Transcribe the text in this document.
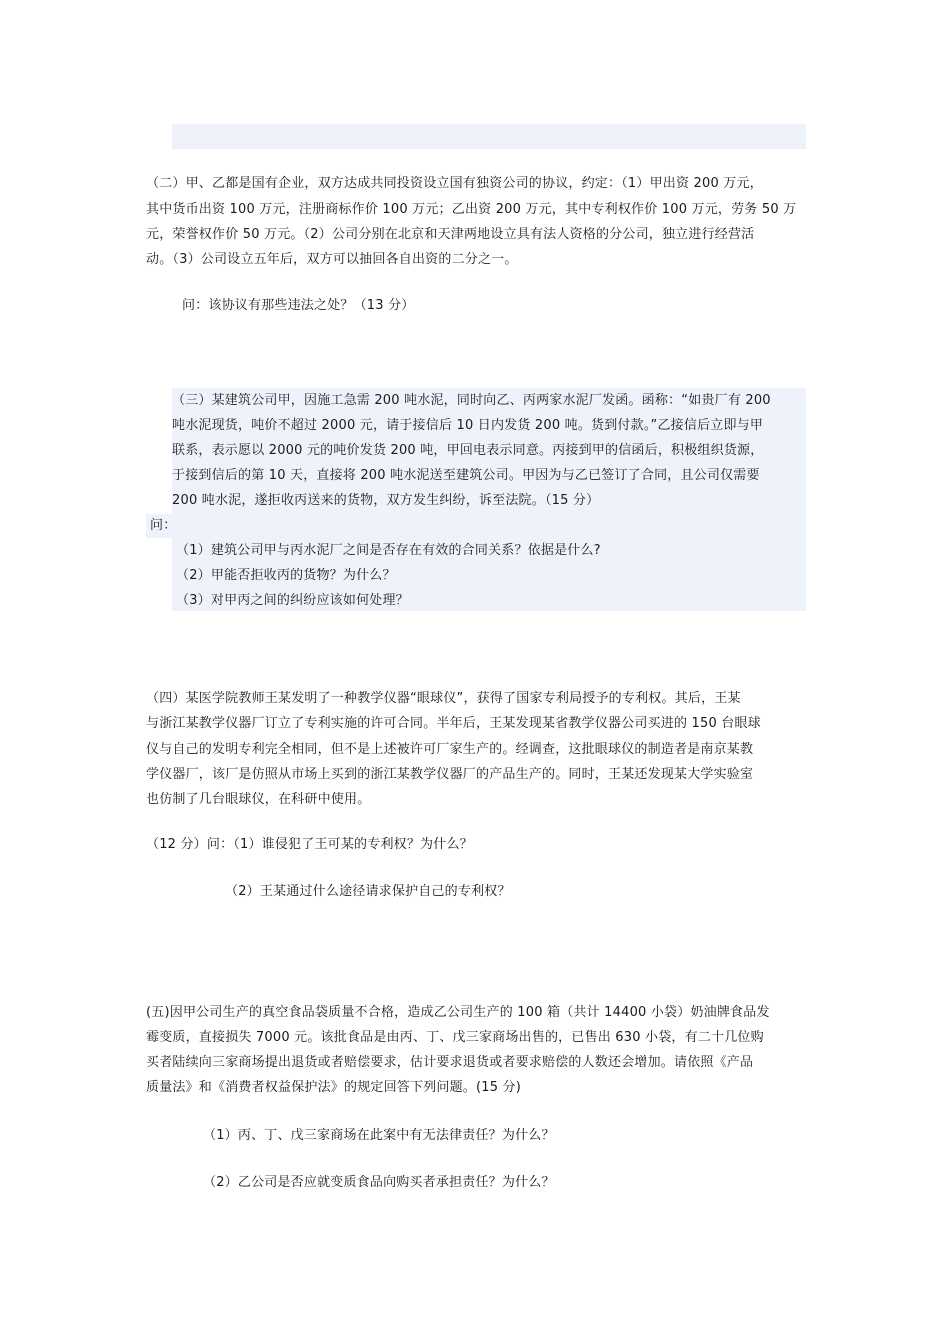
（二）甲、乙都是国有企业，双方达成共同投资设立国有独资公司的协议，约定：（1）甲出资 200 万元，
其中货币出资 100 万元，注册商标作价 100 万元；乙出资 200 万元，其中专利权作价 100 万元，劳务 50 万
元，荣誉权作价 50 万元。（2）公司分别在北京和天津两地设立具有法人资格的分公司，独立进行经营活
动。（3）公司设立五年后，双方可以抽回各自出资的二分之一。
问：该协议有那些违法之处？（13 分）
（三）某建筑公司甲，因施工急需 200 吨水泥，同时向乙、丙两家水泥厂发函。函称：“如贵厂有 200
吨水泥现货，吨价不超过 2000 元，请于接信后 10 日内发货 200 吨。货到付款。”乙接信后立即与甲
联系，表示愿以 2000 元的吨价发货 200 吨，甲回电表示同意。丙接到甲的信函后，积极组织货源，
于接到信后的第 10 天，直接将 200 吨水泥送至建筑公司。甲因为与乙已签订了合同，且公司仅需要
200 吨水泥，遂拒收丙送来的货物，双方发生纠纷，诉至法院。（15 分）
问：
（1）建筑公司甲与丙水泥厂之间是否存在有效的合同关系？依据是什么?
（2）甲能否拒收丙的货物？为什么？
（3）对甲丙之间的纠纷应该如何处理？
（四）某医学院教师王某发明了一种教学仪器“眼球仪”，获得了国家专利局授予的专利权。其后，王某
与浙江某教学仪器厂订立了专利实施的许可合同。半年后，王某发现某省教学仪器公司买进的 150 台眼球
仪与自己的发明专利完全相同，但不是上述被许可厂家生产的。经调查，这批眼球仪的制造者是南京某教
学仪器厂，该厂是仿照从市场上买到的浙江某教学仪器厂的产品生产的。同时，王某还发现某大学实验室
也仿制了几台眼球仪，在科研中使用。
（12 分）问：（1）谁侵犯了王可某的专利权？为什么？
（2）王某通过什么途径请求保护自己的专利权？
(五)因甲公司生产的真空食品袋质量不合格，造成乙公司生产的 100 箱（共计 14400 小袋）奶油牌食品发
霉变质，直接损失 7000 元。该批食品是由丙、丁、戊三家商场出售的，已售出 630 小袋，有二十几位购
买者陆续向三家商场提出退货或者赔偿要求，估计要求退货或者要求赔偿的人数还会增加。请依照《产品
质量法》和《消费者权益保护法》的规定回答下列问题。(15 分)
（1）丙、丁、戊三家商场在此案中有无法律责任？为什么？
（2）乙公司是否应就变质食品向购买者承担责任？为什么？
